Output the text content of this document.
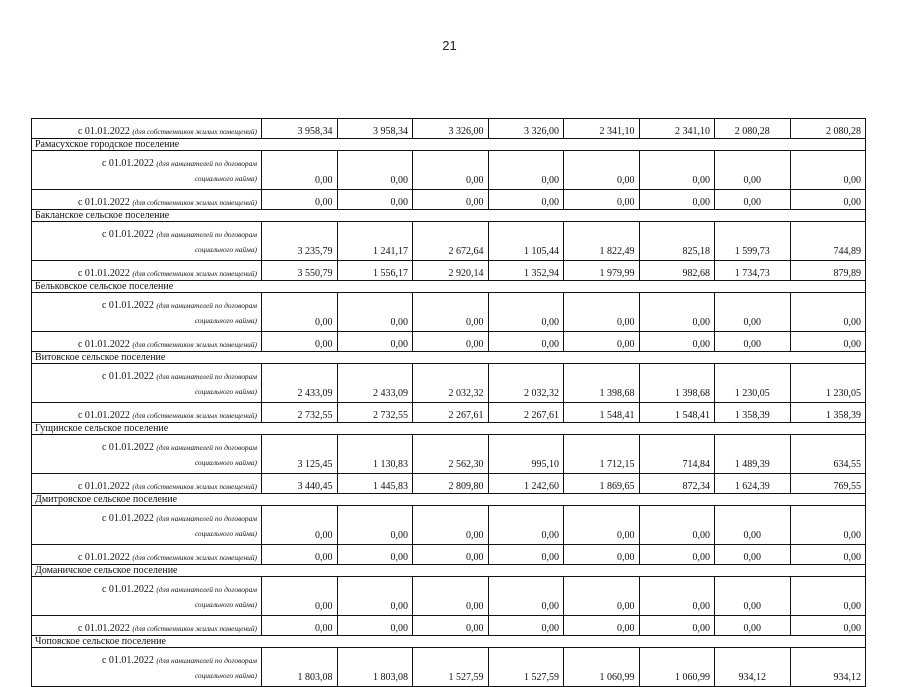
21
с 01.01.2022 (для собственников жилых помещений)	3 958,34	3 958,34	3 326,00	3 326,00	2 341,10	2 341,10	2 080,28	2 080,28
Рамасухское городское поселение								
с 01.01.2022 (для нанимателей по договорам
социального найма)	0,00	0,00	0,00	0,00	0,00	0,00	0,00	0,00
с 01.01.2022 (для собственников жилых помещений)	0,00	0,00	0,00	0,00	0,00	0,00	0,00	0,00
Бакланское сельское поселение								
с 01.01.2022 (для нанимателей по договорам
социального найма)	3 235,79	1 241,17	2 672,64	1 105,44	1 822,49	825,18	1 599,73	744,89
с 01.01.2022 (для собственников жилых помещений)	3 550,79	1 556,17	2 920,14	1 352,94	1 979,99	982,68	1 734,73	879,89
Бельковское сельское поселение								
с 01.01.2022 (для нанимателей по договорам
социального найма)	0,00	0,00	0,00	0,00	0,00	0,00	0,00	0,00
с 01.01.2022 (для собственников жилых помещений)	0,00	0,00	0,00	0,00	0,00	0,00	0,00	0,00
Витовское сельское поселение								
с 01.01.2022 (для нанимателей по договорам
социального найма)	2 433,09	2 433,09	2 032,32	2 032,32	1 398,68	1 398,68	1 230,05	1 230,05
с 01.01.2022 (для собственников жилых помещений)	2 732,55	2 732,55	2 267,61	2 267,61	1 548,41	1 548,41	1 358,39	1 358,39
Гущинское сельское поселение								
с 01.01.2022 (для нанимателей по договорам
социального найма)	3 125,45	1 130,83	2 562,30	995,10	1 712,15	714,84	1 489,39	634,55
с 01.01.2022 (для собственников жилых помещений)	3 440,45	1 445,83	2 809,80	1 242,60	1 869,65	872,34	1 624,39	769,55
Дмитровское сельское поселение								
с 01.01.2022 (для нанимателей по договорам
социального найма)	0,00	0,00	0,00	0,00	0,00	0,00	0,00	0,00
с 01.01.2022 (для собственников жилых помещений)	0,00	0,00	0,00	0,00	0,00	0,00	0,00	0,00
Доманичское сельское поселение								
с 01.01.2022 (для нанимателей по договорам
социального найма)	0,00	0,00	0,00	0,00	0,00	0,00	0,00	0,00
с 01.01.2022 (для собственников жилых помещений)	0,00	0,00	0,00	0,00	0,00	0,00	0,00	0,00
Чоповское сельское поселение								
с 01.01.2022 (для нанимателей по договорам
социального найма)	1 803,08	1 803,08	1 527,59	1 527,59	1 060,99	1 060,99	934,12	934,12
